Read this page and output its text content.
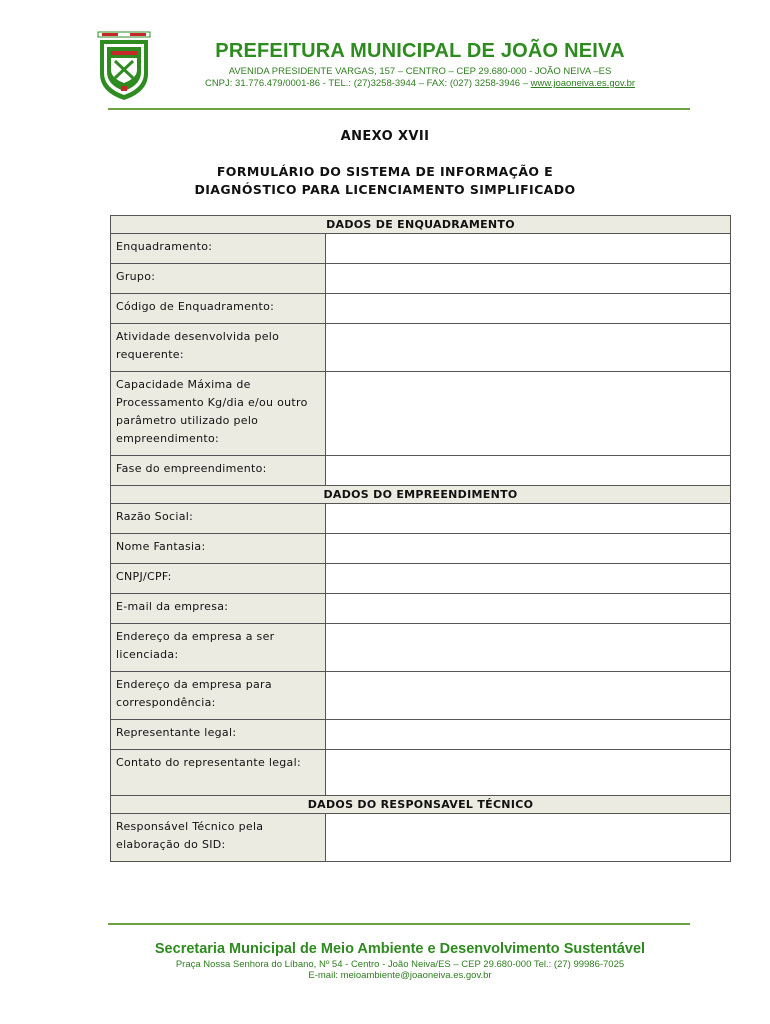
PREFEITURA MUNICIPAL DE JOÃO NEIVA
AVENIDA PRESIDENTE VARGAS, 157 – CENTRO – CEP 29.680-000 - JOÃO NEIVA –ES
CNPJ: 31.776.479/0001-86 - TEL.: (27)3258-3944 – FAX: (027) 3258-3946 – www.joaoneiva.es.gov.br
ANEXO XVII
FORMULÁRIO DO SISTEMA DE INFORMAÇÃO E
DIAGNÓSTICO PARA LICENCIAMENTO SIMPLIFICADO
DADOS DE ENQUADRAMENTO	
Enquadramento:	
Grupo:	
Código de Enquadramento:	
Atividade desenvolvida pelo requerente:	
Capacidade Máxima de Processamento Kg/dia e/ou outro parâmetro utilizado pelo empreendimento:	
Fase do empreendimento:	
DADOS DO EMPREENDIMENTO	
Razão Social:	
Nome Fantasia:	
CNPJ/CPF:	
E-mail da empresa:	
Endereço da empresa a ser licenciada:	
Endereço da empresa para correspondência:	
Representante legal:	
Contato do representante legal:	
DADOS DO RESPONSAVEL TÉCNICO	
Responsável Técnico pela elaboração do SID:	
Secretaria Municipal de Meio Ambiente e Desenvolvimento Sustentável
Praça Nossa Senhora do Líbano, Nº 54 - Centro - João Neiva/ES – CEP 29.680-000 Tel.: (27) 99986-7025
E-mail: meioambiente@joaoneiva.es.gov.br
